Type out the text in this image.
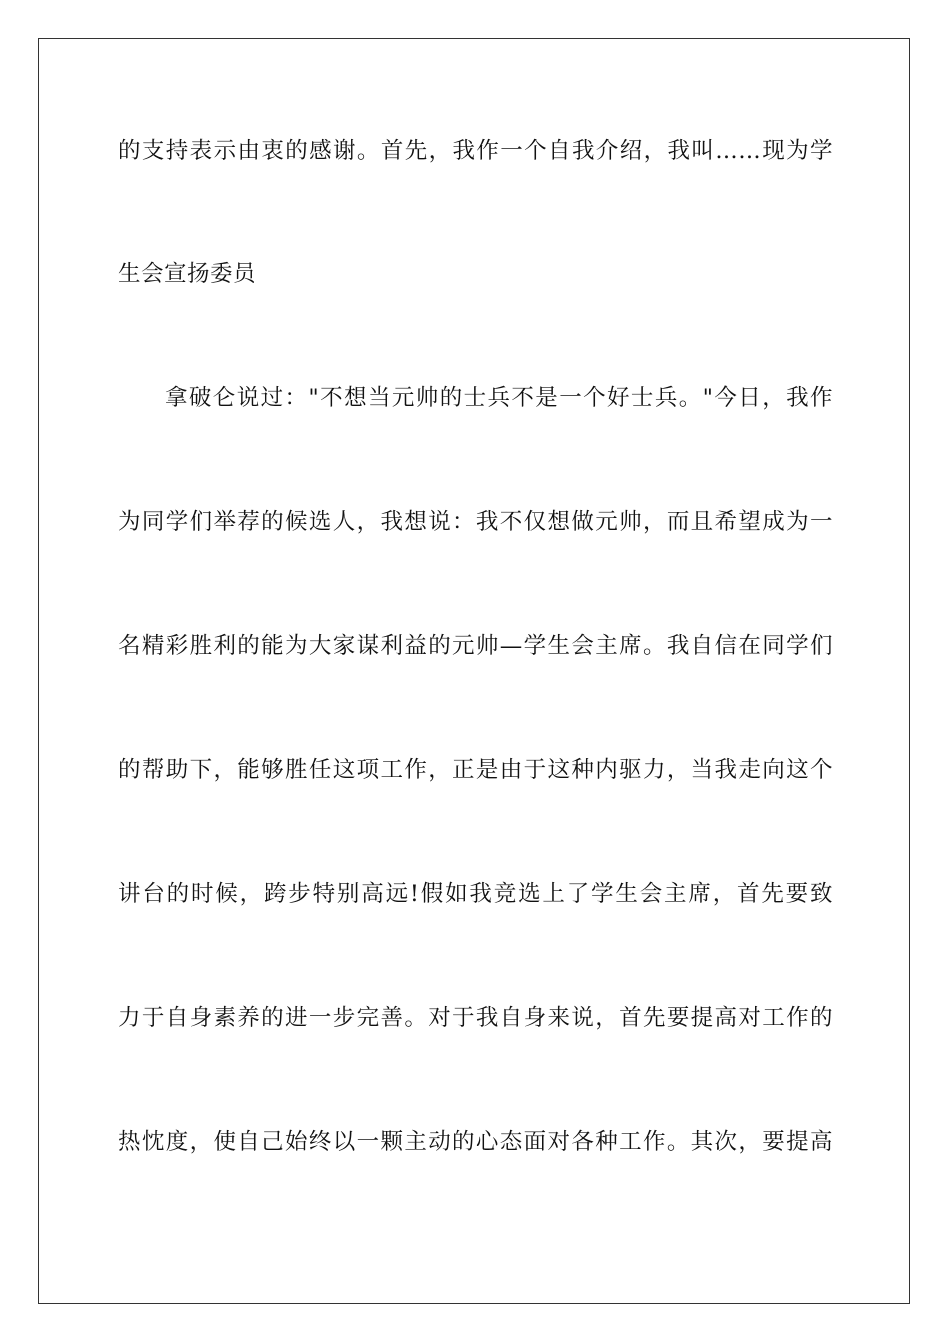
的支持表示由衷的感谢。首先，我作一个自我介绍，我叫……现为学
生会宣扬委员
拿破仑说过："不想当元帅的士兵不是一个好士兵。"今日，我作
为同学们举荐的候选人，我想说：我不仅想做元帅，而且希望成为一
名精彩胜利的能为大家谋利益的元帅—学生会主席。我自信在同学们
的帮助下，能够胜任这项工作，正是由于这种内驱力，当我走向这个
讲台的时候，跨步特别高远!假如我竞选上了学生会主席，首先要致
力于自身素养的进一步完善。对于我自身来说，首先要提高对工作的
热忱度，使自己始终以一颗主动的心态面对各种工作。其次，要提高
